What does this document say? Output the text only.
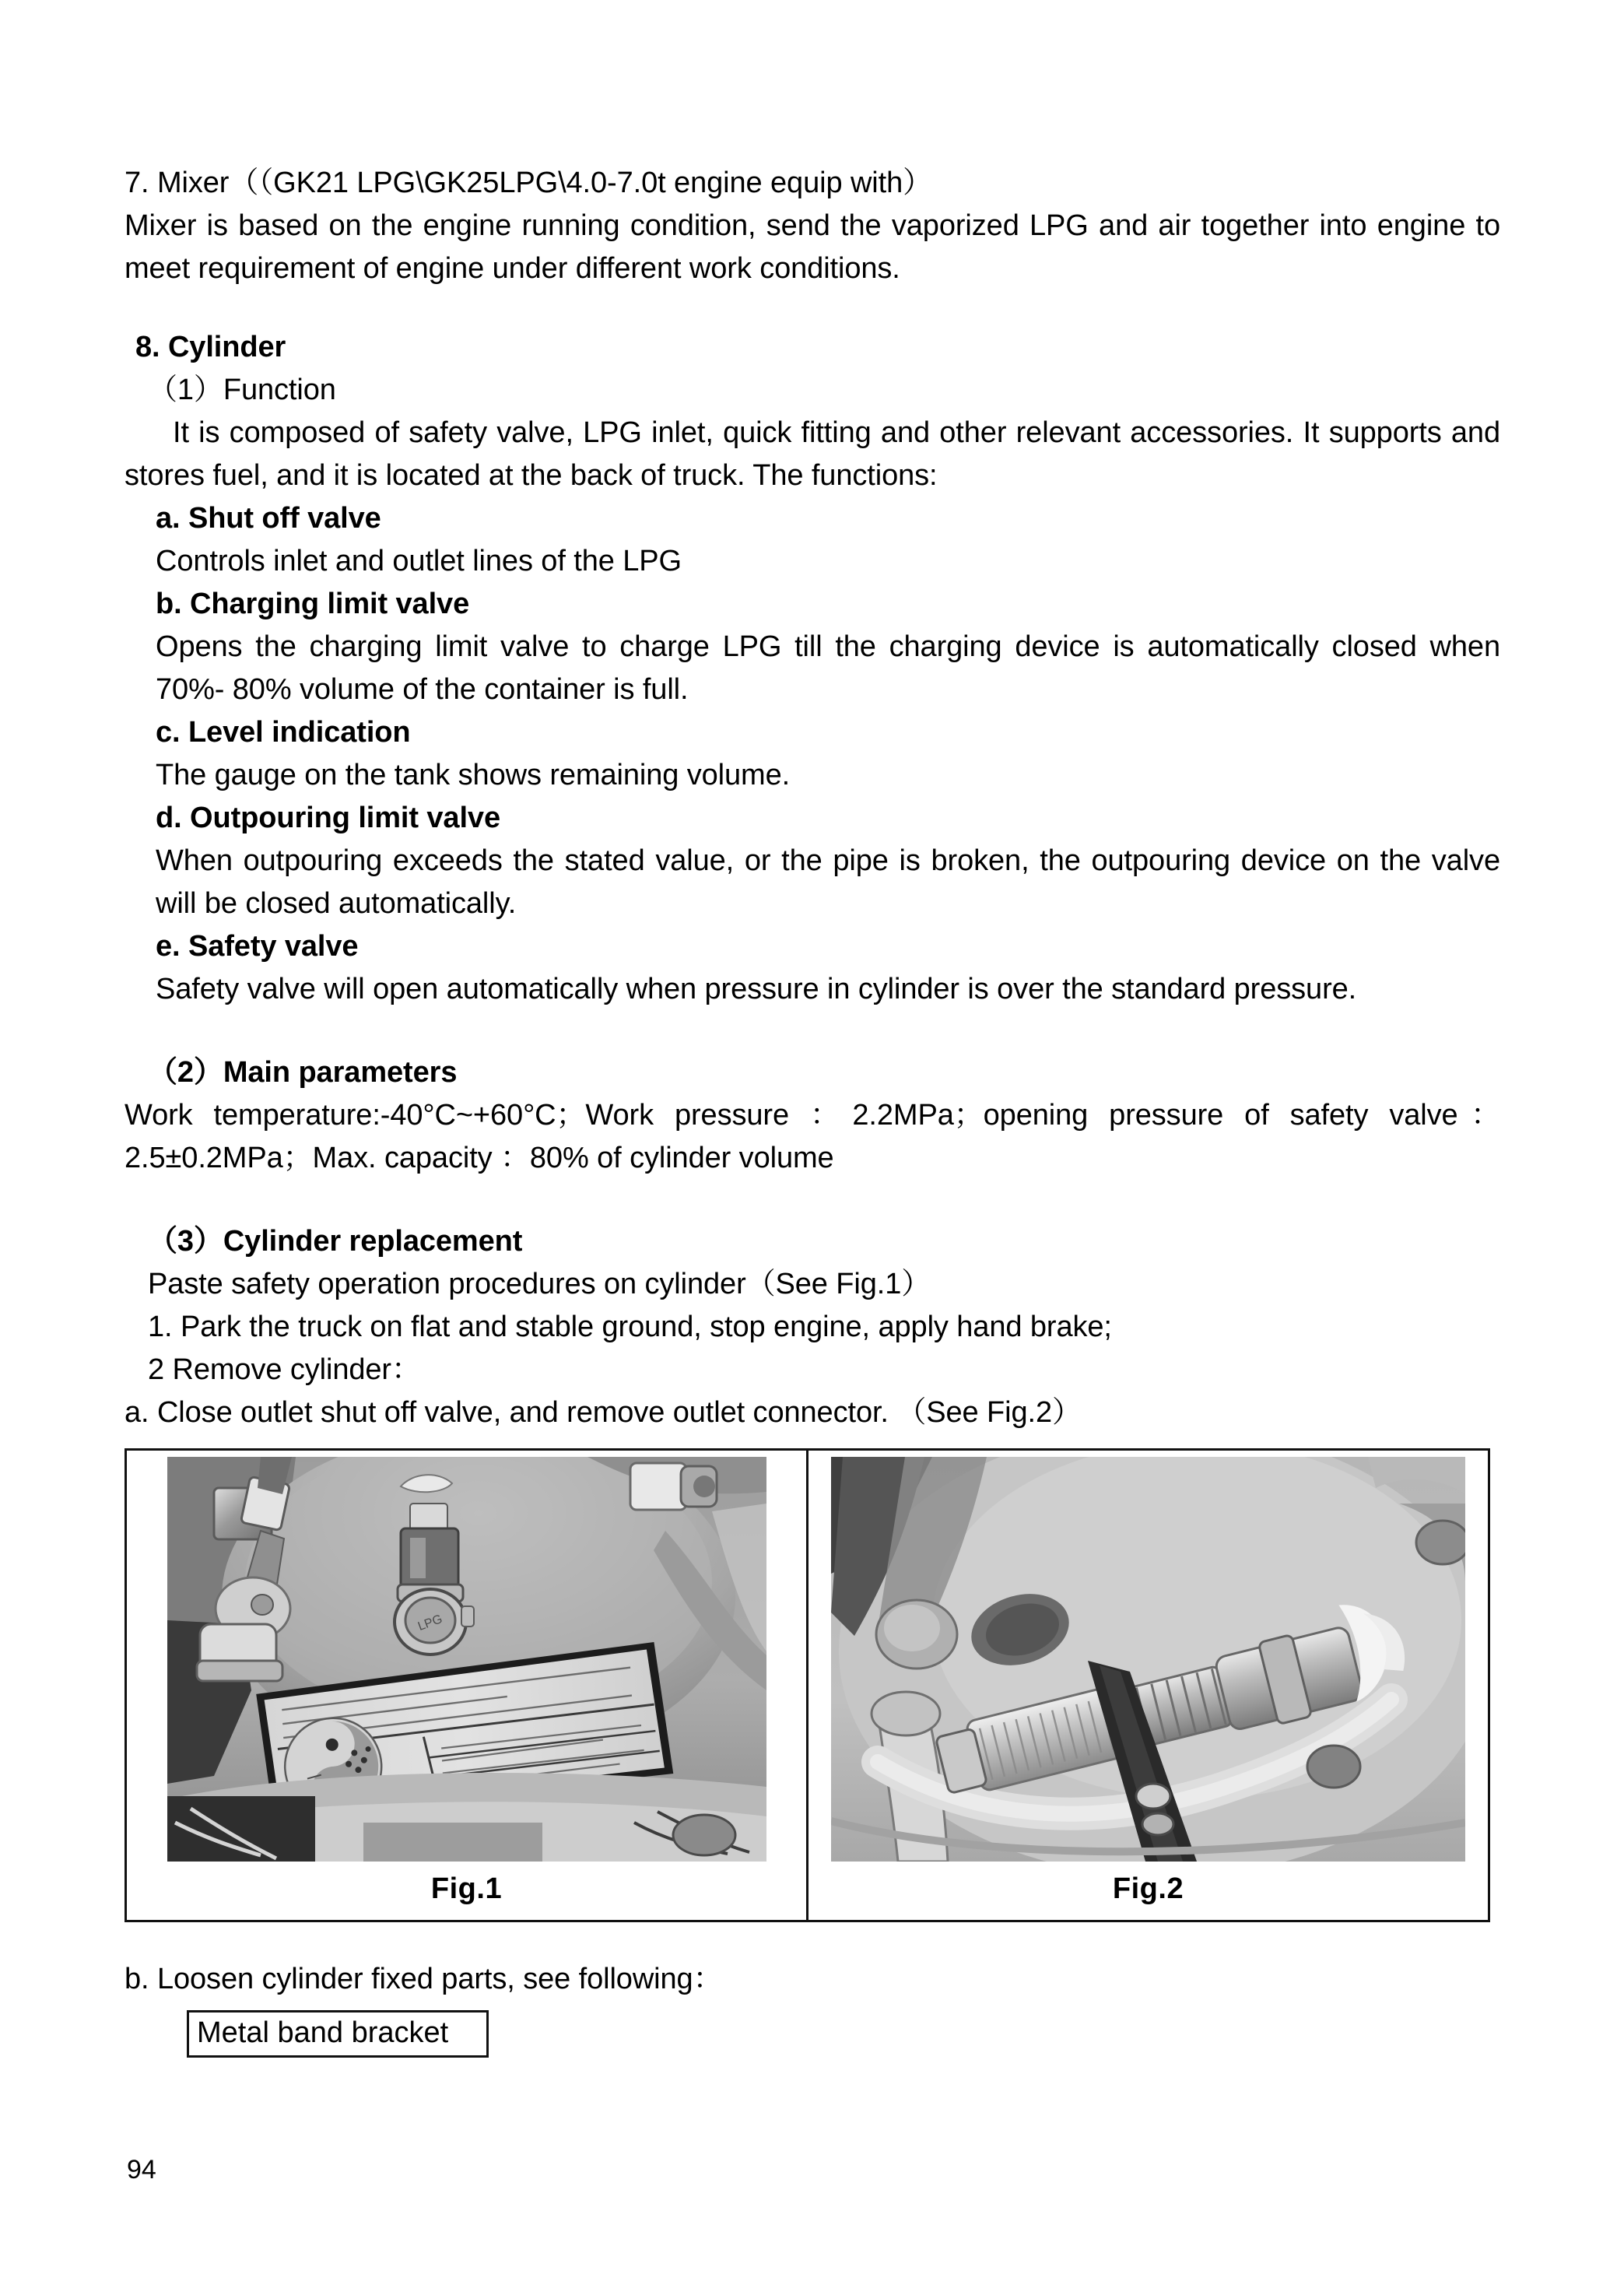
7. Mixer（（GK21 LPG\GK25LPG\4.0-7.0t engine equip with）

Mixer is based on the engine running condition, send the vaporized LPG and air together into engine to meet requirement of engine under different work conditions.

8. Cylinder

（1）Function

It is composed of safety valve, LPG inlet, quick fitting and other relevant accessories. It supports and stores fuel, and it is located at the back of truck. The functions:

a. Shut off valve

Controls inlet and outlet lines of the LPG

b. Charging limit valve

Opens the charging limit valve to charge LPG till the charging device is automatically closed when 70%- 80% volume of the container is full.

c. Level indication

The gauge on the tank shows remaining volume.

d. Outpouring limit valve

When outpouring exceeds the stated value, or the pipe is broken, the outpouring device on the valve will be closed automatically.

e. Safety valve

Safety valve will open automatically when pressure in cylinder is over the standard pressure.

（2）Main parameters

Work temperature:-40°C~+60°C；Work pressure ：2.2MPa；opening pressure of safety valve：2.5±0.2MPa；Max. capacity ：80% of cylinder volume

（3）Cylinder replacement

Paste safety operation procedures on cylinder（See Fig.1）

1. Park the truck on flat and stable ground, stop engine, apply hand brake;

2 Remove cylinder：

a. Close outlet shut off valve, and remove outlet connector. （See Fig.2）

LPG
Fig.1	Fig.2

b. Loosen cylinder fixed parts, see following：

Metal band bracket
94
